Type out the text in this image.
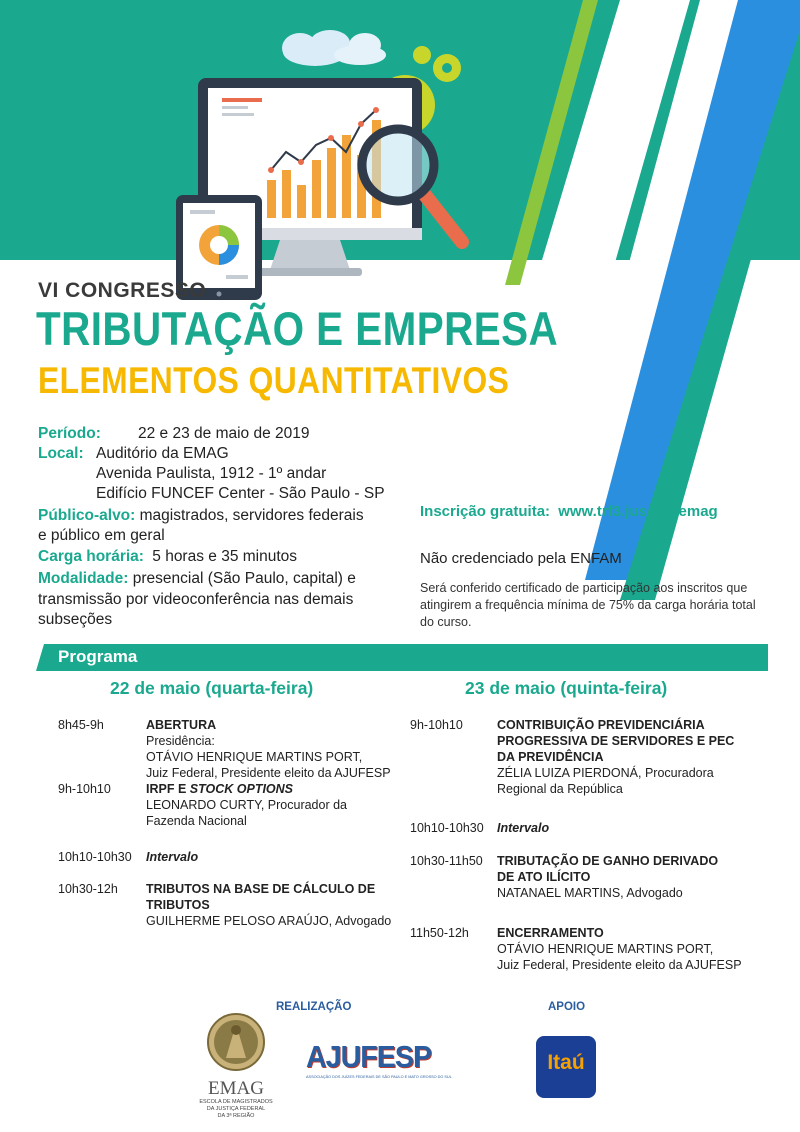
VI CONGRESSO
TRIBUTAÇÃO E EMPRESA
ELEMENTOS QUANTITATIVOS
Período: 22 e 23 de maio de 2019
Local: Auditório da EMAG
Avenida Paulista, 1912 - 1º andar
Edifício FUNCEF Center - São Paulo - SP
Público-alvo: magistrados, servidores federais
e público em geral
Carga horária: 5 horas e 35 minutos
Modalidade: presencial (São Paulo, capital) e
transmissão por videoconferência nas demais
subseções
Inscrição gratuita: www.trf3.jus.br/semag
Não credenciado pela ENFAM
Será conferido certificado de participação aos inscritos que
atingirem a frequência mínima de 75% da carga horária total
do curso.
Programa
22 de maio (quarta-feira)	23 de maio (quinta-feira)
8h45-9h	ABERTURA
Presidência:
OTÁVIO HENRIQUE MARTINS PORT,
Juiz Federal, Presidente eleito da AJUFESP
9h-10h10	IRPF E STOCK OPTIONS
LEONARDO CURTY, Procurador da
Fazenda Nacional
10h10-10h30 Intervalo
10h30-12h TRIBUTOS NA BASE DE CÁLCULO DE
TRIBUTOS
GUILHERME PELOSO ARAÚJO, Advogado
9h-10h10	CONTRIBUIÇÃO PREVIDENCIÁRIA
PROGRESSIVA DE SERVIDORES E PEC
DA PREVIDÊNCIA
ZÉLIA LUIZA PIERDONÁ, Procuradora
Regional da República
10h10-10h30 Intervalo
10h30-11h50 TRIBUTAÇÃO DE GANHO DERIVADO
DE ATO ILÍCITO
NATANAEL MARTINS, Advogado
11h50-12h ENCERRAMENTO
OTÁVIO HENRIQUE MARTINS PORT,
Juiz Federal, Presidente eleito da AJUFESP
REALIZAÇÃO	APOIO
EMAG
ESCOLA DE MAGISTRADOS
DA JUSTIÇA FEDERAL
DA 3ª REGIÃO
AJUFESP
ASSOCIAÇÃO DOS JUÍZES FEDERAIS DE SÃO PAULO E MATO GROSSO DO SUL
Itaú
